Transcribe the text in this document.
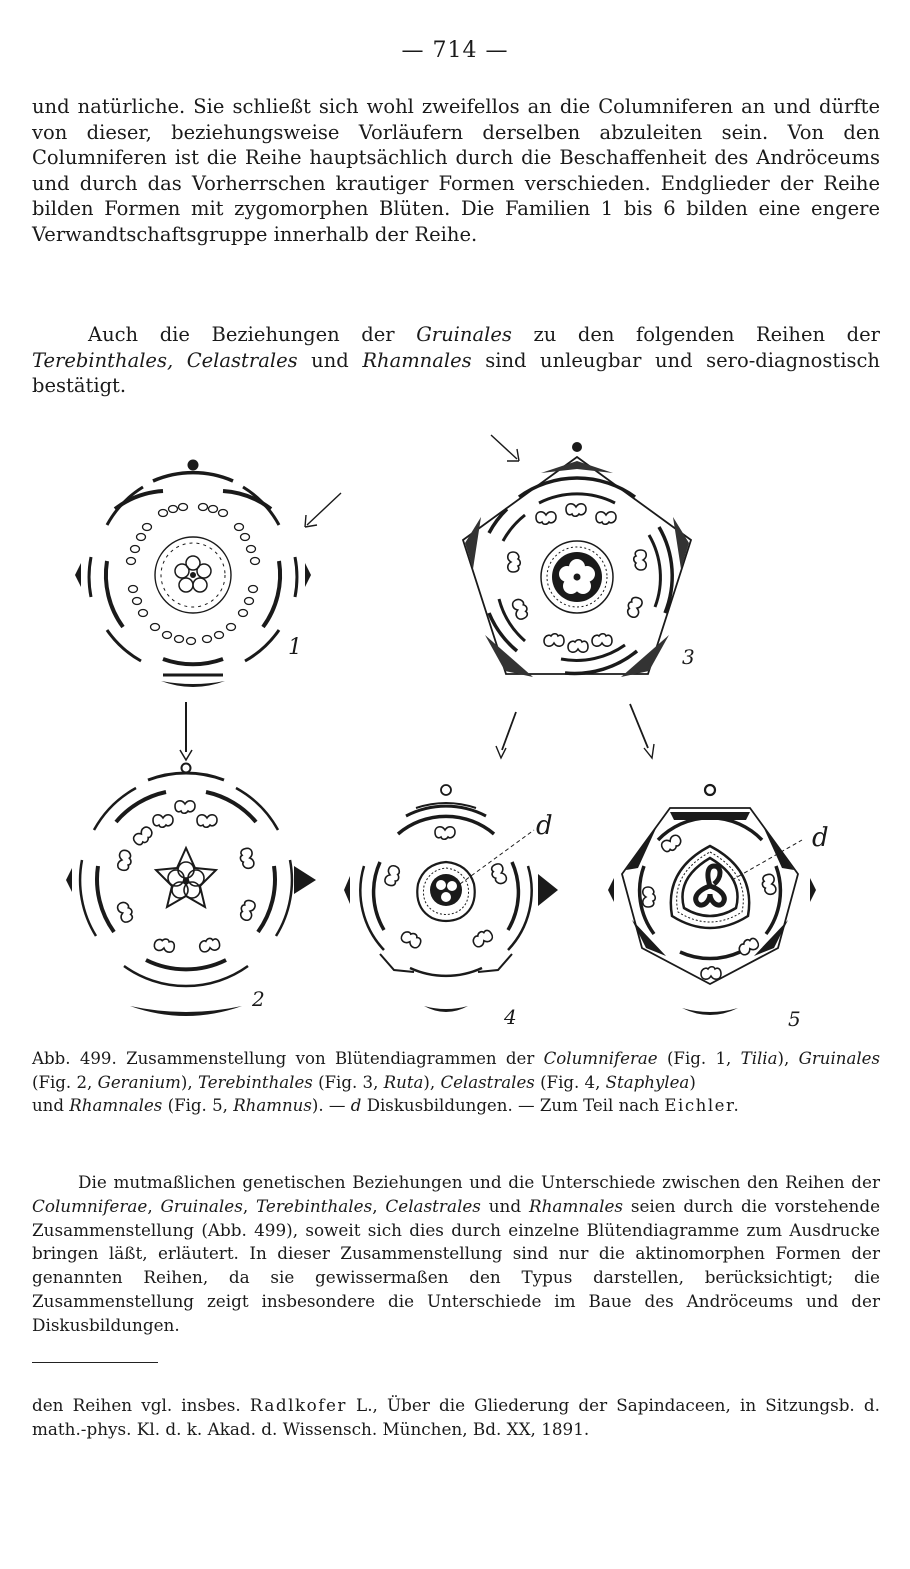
— 714 —

und natürliche. Sie schließt sich wohl zweifellos an die Columniferen an und dürfte von dieser, beziehungsweise Vorläufern derselben abzuleiten sein. Von den Columniferen ist die Reihe hauptsächlich durch die Beschaffenheit des Andröceums und durch das Vorherrschen krautiger Formen verschieden. Endglieder der Reihe bilden Formen mit zygomorphen Blüten. Die Familien 1 bis 6 bilden eine engere Verwandtschaftsgruppe innerhalb der Reihe.

Auch die Beziehungen der Gruinales zu den folgenden Reihen der Terebinthales, Celastrales und Rhamnales sind unleugbar und sero-diagnostisch bestätigt.

1	3
2
d
4
d
5

Abb. 499. Zusammenstellung von Blütendiagrammen der Columniferae (Fig. 1, Tilia), Gruinales (Fig. 2, Geranium), Terebinthales (Fig. 3, Ruta), Celastrales (Fig. 4, Staphylea)
und Rhamnales (Fig. 5, Rhamnus). — d Diskusbildungen. — Zum Teil nach Eichler.

Die mutmaßlichen genetischen Beziehungen und die Unterschiede zwischen den Reihen der Columniferae, Gruinales, Terebinthales, Celastrales und Rhamnales seien durch die vorstehende Zusammenstellung (Abb. 499), soweit sich dies durch einzelne Blütendiagramme zum Ausdrucke bringen läßt, erläutert. In dieser Zusammenstellung sind nur die aktinomorphen Formen der genannten Reihen, da sie gewissermaßen den Typus darstellen, berücksichtigt; die Zusammenstellung zeigt insbesondere die Unterschiede im Baue des Andröceums und der Diskusbildungen.

den Reihen vgl. insbes. Radlkofer L., Über die Gliederung der Sapindaceen, in Sitzungsb. d. math.-phys. Kl. d. k. Akad. d. Wissensch. München, Bd. XX, 1891.
